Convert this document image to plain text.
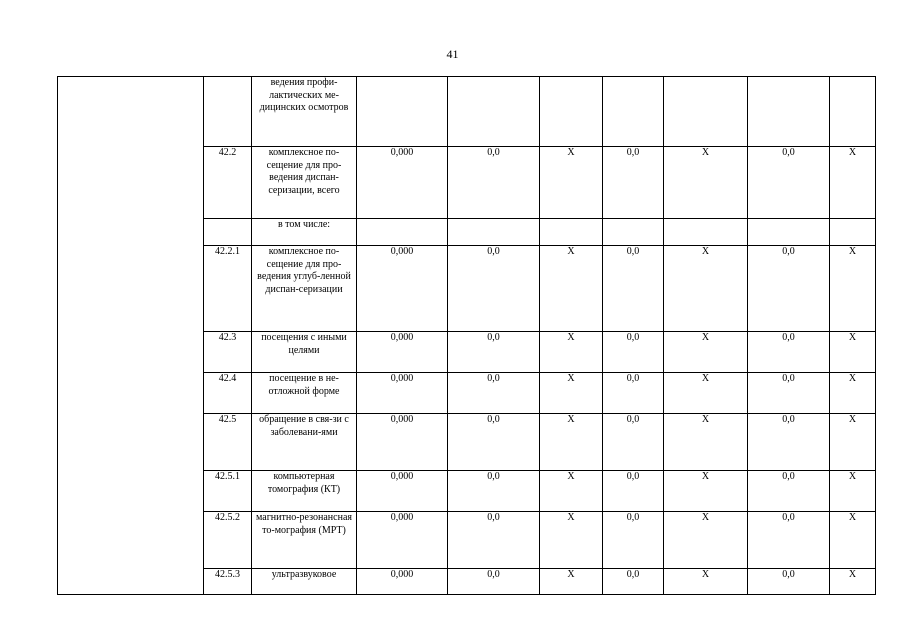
41
		ведения профи-лактических ме-дицинских осмотров							
	42.2	комплексное по-сещение для про-ведения диспан-серизации, всего	0,000	0,0	X	0,0	X	0,0	X
		в том числе:							
	42.2.1	комплексное по-сещение для про-ведения углуб-ленной диспан-серизации	0,000	0,0	X	0,0	X	0,0	X
	42.3	посещения с иными целями	0,000	0,0	X	0,0	X	0,0	X
	42.4	посещение в не-отложной форме	0,000	0,0	X	0,0	X	0,0	X
	42.5	обращение в свя-зи с заболевани-ями	0,000	0,0	X	0,0	X	0,0	X
	42.5.1	компьютерная томография (КТ)	0,000	0,0	X	0,0	X	0,0	X
	42.5.2	магнитно-резонансная то-мография (МРТ)	0,000	0,0	X	0,0	X	0,0	X
	42.5.3	ультразвуковое	0,000	0,0	X	0,0	X	0,0	X
